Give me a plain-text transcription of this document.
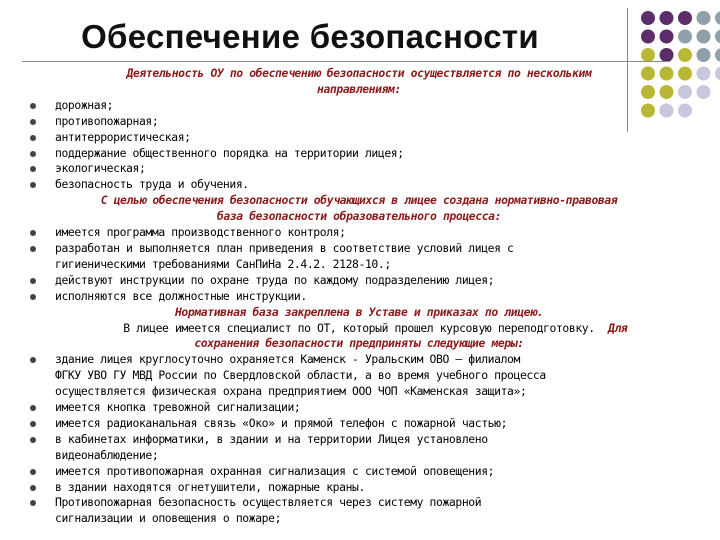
Обеспечение безопасности

Деятельность ОУ по обеспечению безопасности осуществляется по нескольким

направлениям:

дорожная;
противопожарная;
антитеррористическая;
поддержание общественного порядка на территории лицея;
экологическая;
безопасность труда и обучения.

С целью обеспечения безопасности обучающихся в лицее создана нормативно-правовая

база безопасности образовательного процесса:

имеется программа производственного контроля;
разработан и выполняется план приведения в соответствие условий лицея с
гигиеническими требованиями СанПиНа 2.4.2. 2128-10.;
действуют инструкции по охране труда по каждому подразделению лицея;
исполняются все должностные инструкции.

Нормативная база закреплена в Уставе и приказах по лицею.

В лицее имеется специалист по ОТ, который прошел курсовую переподготовку. Для

сохранения безопасности предприняты следующие меры:

здание лицея круглосуточно охраняется Каменск - Уральским ОВО – филиалом
ФГКУ УВО ГУ МВД России по Свердловской области, а во время учебного процесса
осуществляется физическая охрана предприятием ООО ЧОП «Каменская защита»;
имеется кнопка тревожной сигнализации;
имеется радиоканальная связь «Око» и прямой телефон с пожарной частью;
в кабинетах информатики, в здании и на территории Лицея установлено
видеонаблюдение;
имеется противопожарная охранная сигнализация с системой оповещения;
в здании находятся огнетушители, пожарные краны.
Противопожарная безопасность осуществляется через систему пожарной
сигнализации и оповещения о пожаре;
